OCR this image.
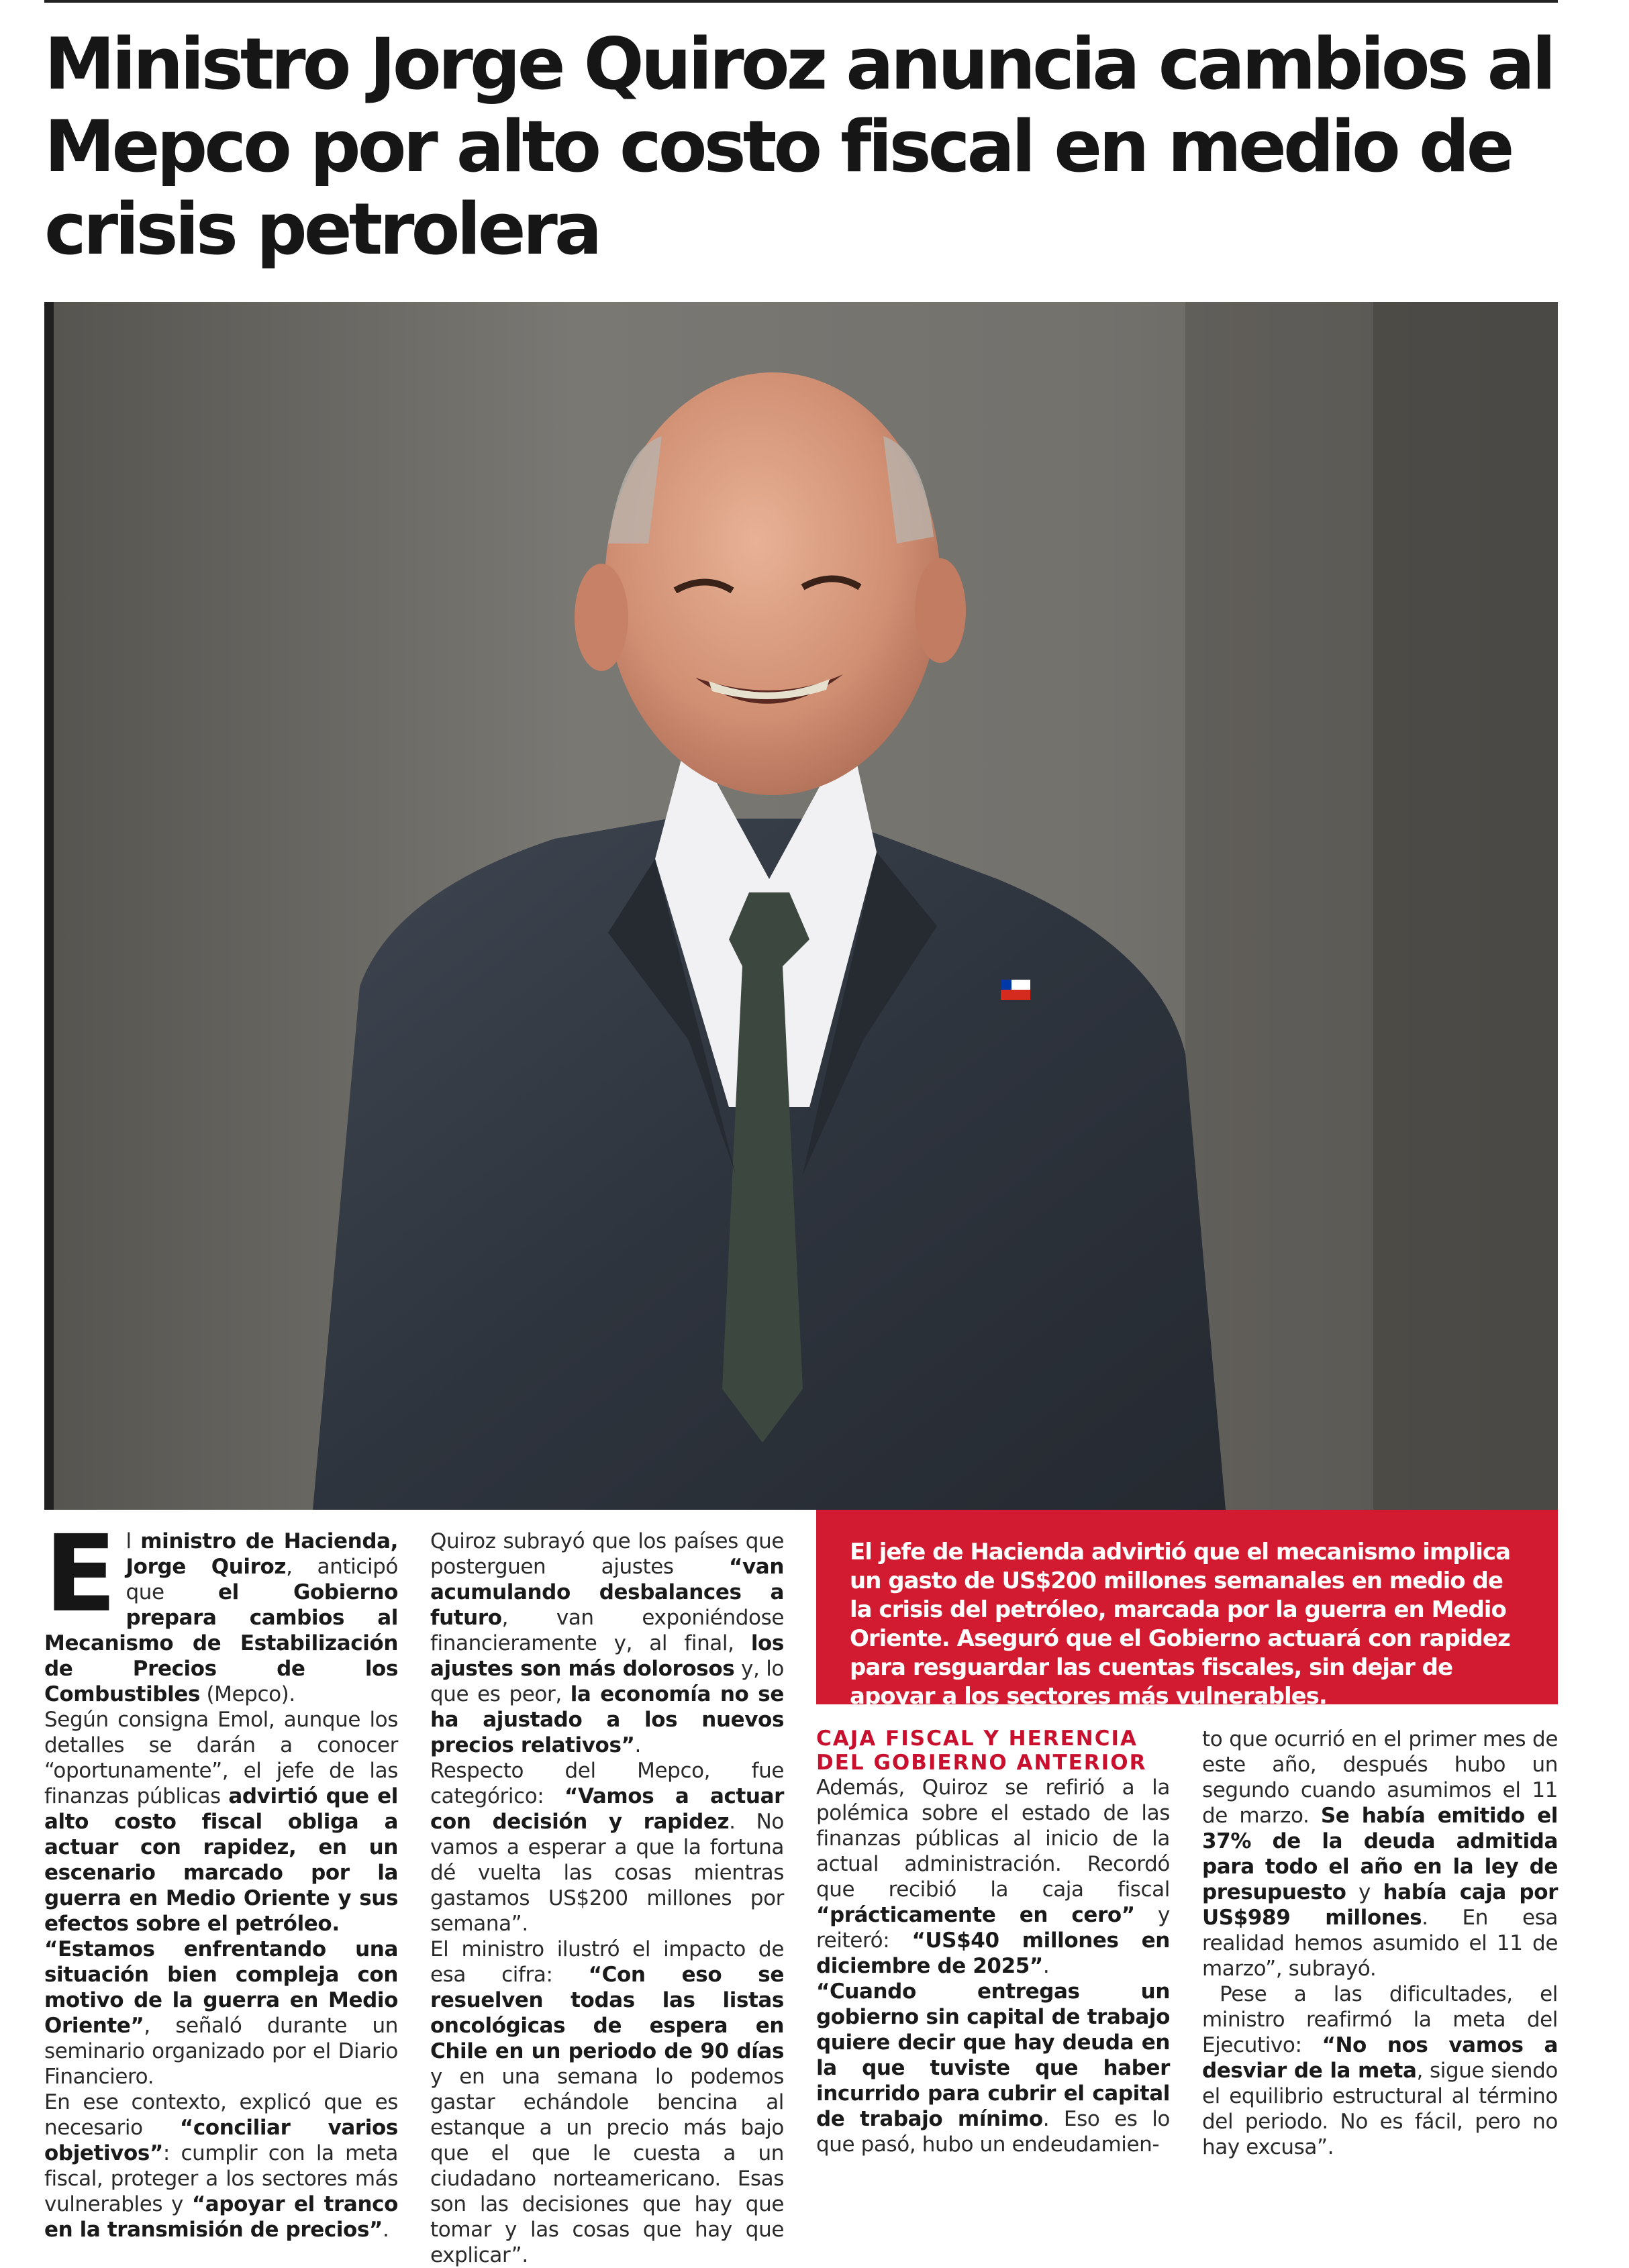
Ministro Jorge Quiroz anuncia cambios al Mepco por alto costo fiscal en medio de crisis petrolera
E l ministro de Hacienda, Jorge Quiroz, anticipó que el Gobierno prepara cambios al Mecanismo de Estabilización de Precios de los Combustibles (Mepco).

Según consigna Emol, aunque los detalles se darán a conocer “oportunamente”, el jefe de las finanzas públicas advirtió que el alto costo fiscal obliga a actuar con rapidez, en un escenario marcado por la guerra en Medio Oriente y sus efectos sobre el petróleo.

“Estamos enfrentando una situación bien compleja con motivo de la guerra en Medio Oriente”, señaló durante un seminario organizado por el Diario Financiero.

En ese contexto, explicó que es necesario “conciliar varios objetivos”: cumplir con la meta fiscal, proteger a los sectores más vulnerables y “apoyar el tranco en la transmisión de precios”.

Quiroz subrayó que los países que posterguen ajustes “van acumulando desbalances a futuro, van exponiéndose financieramente y, al final, los ajustes son más dolorosos y, lo que es peor, la economía no se ha ajustado a los nuevos precios relativos”.

Respecto del Mepco, fue categórico: “Vamos a actuar con decisión y rapidez. No vamos a esperar a que la fortuna dé vuelta las cosas mientras gastamos US$200 millones por semana”.

El ministro ilustró el impacto de esa cifra: “Con eso se resuelven todas las listas oncológicas de espera en Chile en un periodo de 90 días y en una semana lo podemos gastar echándole bencina al estanque a un precio más bajo que el que le cuesta a un ciudadano norteamericano. Esas son las decisiones que hay que tomar y las cosas que hay que explicar”.

El jefe de Hacienda advirtió que el mecanismo implica un gasto de US$200 millones semanales en medio de la crisis del petróleo, marcada por la guerra en Medio Oriente. Aseguró que el Gobierno actuará con rapidez para resguardar las cuentas fiscales, sin dejar de apoyar a los sectores más vulnerables.

CAJA FISCAL Y HERENCIA DEL GOBIERNO ANTERIOR

Además, Quiroz se refirió a la polémica sobre el estado de las finanzas públicas al inicio de la actual administración. Recordó que recibió la caja fiscal “prácticamente en cero” y reiteró: “US$40 millones en diciembre de 2025”.

“Cuando entregas un gobierno sin capital de trabajo quiere decir que hay deuda en la que tuviste que haber incurrido para cubrir el capital de trabajo mínimo. Eso es lo que pasó, hubo un endeudamien-

to que ocurrió en el primer mes de este año, después hubo un segundo cuando asumimos el 11 de marzo. Se había emitido el 37% de la deuda admitida para todo el año en la ley de presupuesto y había caja por US$989 millones. En esa realidad hemos asumido el 11 de marzo”, subrayó.

Pese a las dificultades, el ministro reafirmó la meta del Ejecutivo: “No nos vamos a desviar de la meta, sigue siendo el equilibrio estructural al término del periodo. No es fácil, pero no hay excusa”.
